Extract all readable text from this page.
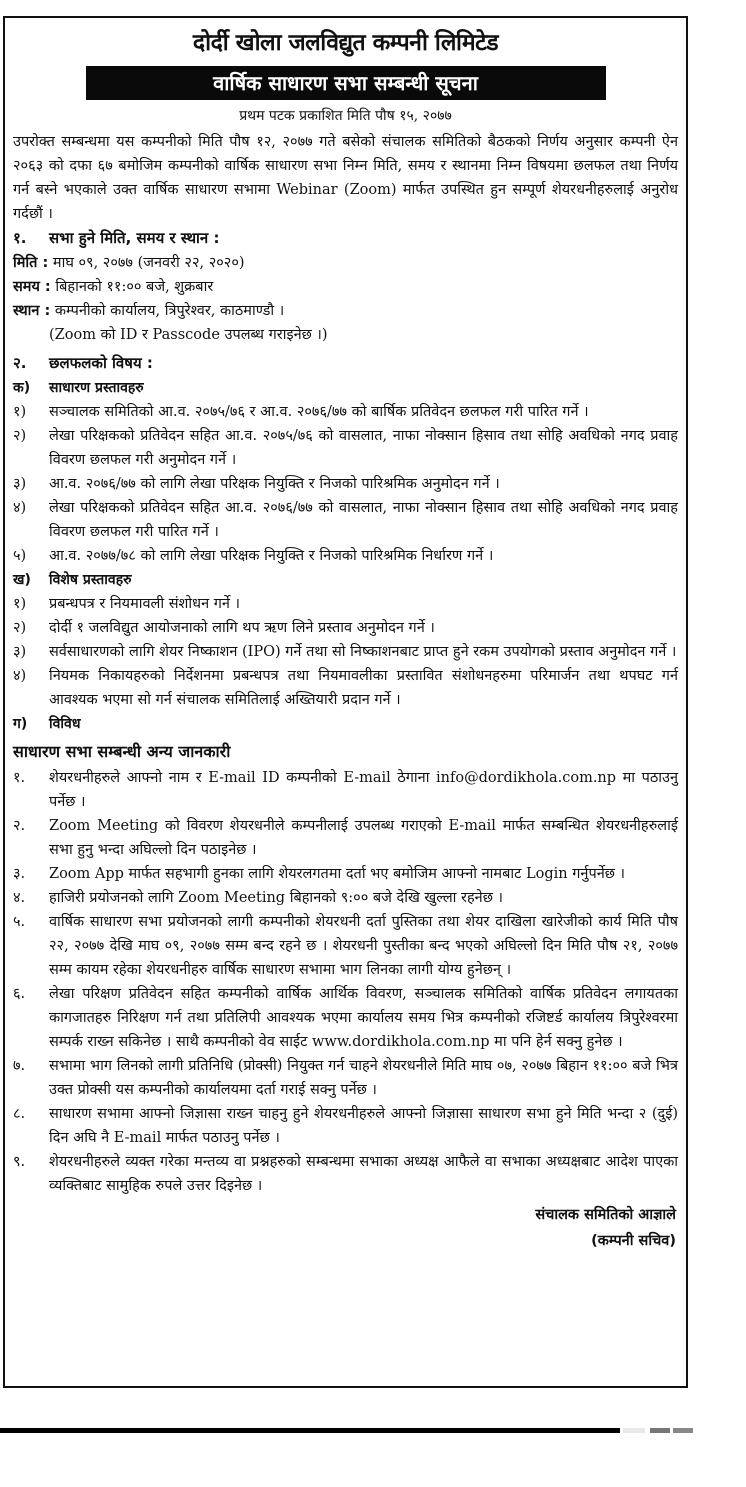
दोर्दी खोला जलविद्युत कम्पनी लिमिटेड
वार्षिक साधारण सभा सम्बन्धी सूचना
प्रथम पटक प्रकाशित मिति पौष १५, २०७७

उपरोक्त सम्बन्धमा यस कम्पनीको मिति पौष १२, २०७७ गते बसेको संचालक समितिको बैठकको निर्णय अनुसार कम्पनी ऐन २०६३ को दफा ६७ बमोजिम कम्पनीको वार्षिक साधारण सभा निम्न मिति, समय र स्थानमा निम्न विषयमा छलफल तथा निर्णय गर्न बस्ने भएकाले उक्त वार्षिक साधारण सभामा Webinar (Zoom) मार्फत उपस्थित हुन सम्पूर्ण शेयरधनीहरुलाई अनुरोध गर्दछौं ।

१. सभा हुने मिति, समय र स्थान :
मिति : माघ ०९, २०७७ (जनवरी २२, २०२०)
समय : बिहानको ११:०० बजे, शुक्रबार
स्थान : कम्पनीको कार्यालय, त्रिपुरेश्वर, काठमाण्डौ ।
(Zoom को ID र Passcode उपलब्ध गराइनेछ ।)
२. छलफलको विषय :
क) साधारण प्रस्तावहरु
१)	सञ्चालक समितिको आ.व. २०७५/७६ र आ.व. २०७६/७७ को बार्षिक प्रतिवेदन छलफल गरी पारित गर्ने ।
२)	लेखा परिक्षकको प्रतिवेदन सहित आ.व. २०७५/७६ को वासलात, नाफा नोक्सान हिसाव तथा सोहि अवधिको नगद प्रवाह विवरण छलफल गरी अनुमोदन गर्ने ।
३)	आ.व. २०७६/७७ को लागि लेखा परिक्षक नियुक्ति र निजको पारिश्रमिक अनुमोदन गर्ने ।
४)	लेखा परिक्षकको प्रतिवेदन सहित आ.व. २०७६/७७ को वासलात, नाफा नोक्सान हिसाव तथा सोहि अवधिको नगद प्रवाह विवरण छलफल गरी पारित गर्ने ।
५)	आ.व. २०७७/७८ को लागि लेखा परिक्षक नियुक्ति र निजको पारिश्रमिक निर्धारण गर्ने ।
ख) विशेष प्रस्तावहरु
१)	प्रबन्धपत्र र नियमावली संशोधन गर्ने ।
२)	दोर्दी १ जलविद्युत आयोजनाको लागि थप ऋण लिने प्रस्ताव अनुमोदन गर्ने ।
३)	सर्वसाधारणको लागि शेयर निष्काशन (IPO) गर्ने तथा सो निष्काशनबाट प्राप्त हुने रकम उपयोगको प्रस्ताव अनुमोदन गर्ने ।
४)	नियमक निकायहरुको निर्देशनमा प्रबन्धपत्र तथा नियमावलीका प्रस्तावित संशोधनहरुमा परिमार्जन तथा थपघट गर्न आवश्यक भएमा सो गर्न संचालक समितिलाई अख्तियारी प्रदान गर्ने ।
ग) विविध
साधारण सभा सम्बन्धी अन्य जानकारी
१.	शेयरधनीहरुले आफ्नो नाम र E-mail ID कम्पनीको E-mail ठेगाना info@dordikhola.com.np मा पठाउनु पर्नेछ ।
२.	Zoom Meeting को विवरण शेयरधनीले कम्पनीलाई उपलब्ध गराएको E-mail मार्फत सम्बन्धित शेयरधनीहरुलाई सभा हुनु भन्दा अघिल्लो दिन पठाइनेछ ।
३.	Zoom App मार्फत सहभागी हुनका लागि शेयरलगतमा दर्ता भए बमोजिम आफ्नो नामबाट Login गर्नुपर्नेछ ।
४.	हाजिरी प्रयोजनको लागि Zoom Meeting बिहानको ९:०० बजे देखि खुल्ला रहनेछ ।
५.	वार्षिक साधारण सभा प्रयोजनको लागी कम्पनीको शेयरधनी दर्ता पुस्तिका तथा शेयर दाखिला खारेजीको कार्य मिति पौष २२, २०७७ देखि माघ ०९, २०७७ सम्म बन्द रहने छ । शेयरधनी पुस्तीका बन्द भएको अघिल्लो दिन मिति पौष २१, २०७७ सम्म कायम रहेका शेयरधनीहरु वार्षिक साधारण सभामा भाग लिनका लागी योग्य हुनेछन् ।
६.	लेखा परिक्षण प्रतिवेदन सहित कम्पनीको वार्षिक आर्थिक विवरण, सञ्चालक समितिको वार्षिक प्रतिवेदन लगायतका कागजातहरु निरिक्षण गर्न तथा प्रतिलिपी आवश्यक भएमा कार्यालय समय भित्र कम्पनीको रजिष्टर्ड कार्यालय त्रिपुरेश्वरमा सम्पर्क राख्न सकिनेछ । साथै कम्पनीको वेव साईट www.dordikhola.com.np मा पनि हेर्न सक्नु हुनेछ ।
७.	सभामा भाग लिनको लागी प्रतिनिधि (प्रोक्सी) नियुक्त गर्न चाहने शेयरधनीले मिति माघ ०७, २०७७ बिहान ११:०० बजे भित्र उक्त प्रोक्सी यस कम्पनीको कार्यालयमा दर्ता गराई सक्नु पर्नेछ ।
८.	साधारण सभामा आफ्नो जिज्ञासा राख्न चाहनु हुने शेयरधनीहरुले आफ्नो जिज्ञासा साधारण सभा हुने मिति भन्दा २ (दुई) दिन अघि नै E-mail मार्फत पठाउनु पर्नेछ ।
९.	शेयरधनीहरुले व्यक्त गरेका मन्तव्य वा प्रश्नहरुको सम्बन्धमा सभाका अध्यक्ष आफैले वा सभाका अध्यक्षबाट आदेश पाएका व्यक्तिबाट सामुहिक रुपले उत्तर दिइनेछ ।
संचालक समितिको आज्ञाले
(कम्पनी सचिव)
